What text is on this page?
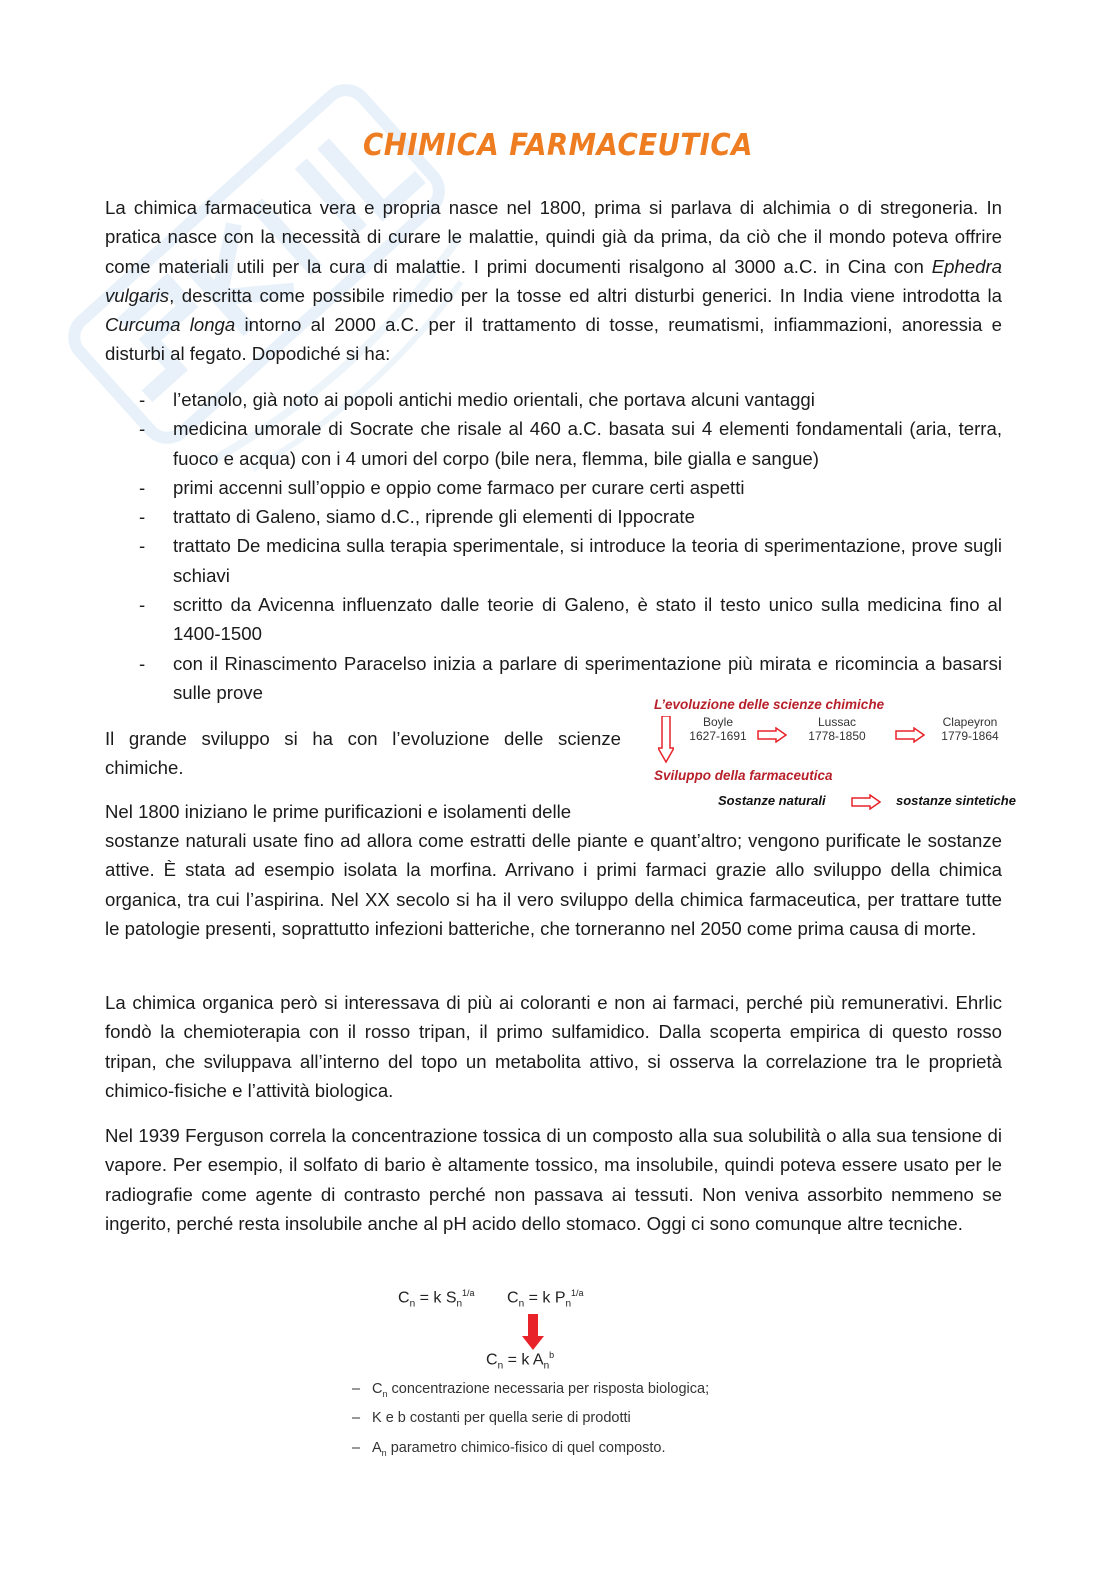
CHIMICA FARMACEUTICA

La chimica farmaceutica vera e propria nasce nel 1800, prima si parlava di alchimia o di stregoneria. In pratica nasce con la necessità di curare le malattie, quindi già da prima, da ciò che il mondo poteva offrire come materiali utili per la cura di malattie. I primi documenti risalgono al 3000 a.C. in Cina con Ephedra vulgaris, descritta come possibile rimedio per la tosse ed altri disturbi generici. In India viene introdotta la Curcuma longa intorno al 2000 a.C. per il trattamento di tosse, reumatismi, infiammazioni, anoressia e disturbi al fegato. Dopodiché si ha:

- l’etanolo, già noto ai popoli antichi medio orientali, che portava alcuni vantaggi
- medicina umorale di Socrate che risale al 460 a.C. basata sui 4 elementi fondamentali (aria, terra, fuoco e acqua) con i 4 umori del corpo (bile nera, flemma, bile gialla e sangue)
- primi accenni sull’oppio e oppio come farmaco per curare certi aspetti
- trattato di Galeno, siamo d.C., riprende gli elementi di Ippocrate
- trattato De medicina sulla terapia sperimentale, si introduce la teoria di sperimentazione, prove sugli schiavi
- scritto da Avicenna influenzato dalle teorie di Galeno, è stato il testo unico sulla medicina fino al 1400-1500
- con il Rinascimento Paracelso inizia a parlare di sperimentazione più mirata e ricomincia a basarsi sulle prove

Il grande sviluppo si ha con l’evoluzione delle scienze chimiche.

Nel 1800 iniziano le prime purificazioni e isolamenti delle

sostanze naturali usate fino ad allora come estratti delle piante e quant’altro; vengono purificate le sostanze attive. È stata ad esempio isolata la morfina. Arrivano i primi farmaci grazie allo sviluppo della chimica organica, tra cui l’aspirina. Nel XX secolo si ha il vero sviluppo della chimica farmaceutica, per trattare tutte le patologie presenti, soprattutto infezioni batteriche, che torneranno nel 2050 come prima causa di morte.

La chimica organica però si interessava di più ai coloranti e non ai farmaci, perché più remunerativi. Ehrlic fondò la chemioterapia con il rosso tripan, il primo sulfamidico. Dalla scoperta empirica di questo rosso tripan, che sviluppava all’interno del topo un metabolita attivo, si osserva la correlazione tra le proprietà chimico-fisiche e l’attività biologica.

Nel 1939 Ferguson correla la concentrazione tossica di un composto alla sua solubilità o alla sua tensione di vapore. Per esempio, il solfato di bario è altamente tossico, ma insolubile, quindi poteva essere usato per le radiografie come agente di contrasto perché non passava ai tessuti. Non veniva assorbito nemmeno se ingerito, perché resta insolubile anche al pH acido dello stomaco. Oggi ci sono comunque altre tecniche.

L’evoluzione delle scienze chimiche
Boyle
1627-1691
Lussac
1778-1850
Clapeyron
1779-1864
Sviluppo della farmaceutica
Sostanze naturali	sostanze sintetiche
$C_n = k$ $S_n^{1/a}$ $C_n = k$ $P_n^{1/a}$
$C_n = k$ $A_n^b$
– $C_n$ concentrazione necessaria per risposta biologica;
– K e b costanti per quella serie di prodotti
– $A_n$ parametro chimico-fisico di quel composto.
